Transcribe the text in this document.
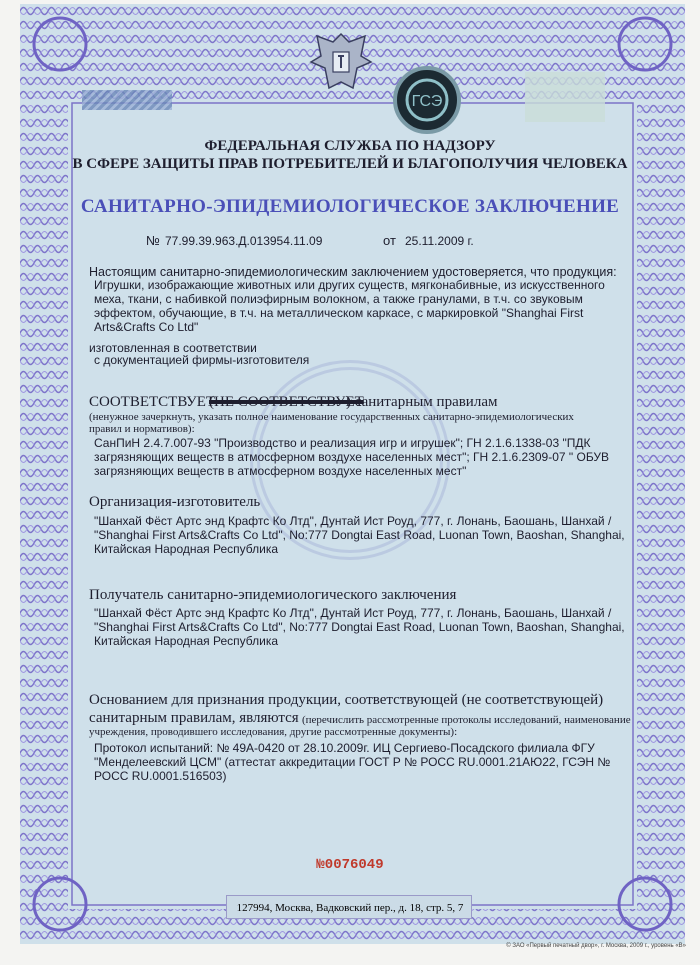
ГСЭ
ФЕДЕРАЛЬНАЯ СЛУЖБА ПО НАДЗОРУ
В СФЕРЕ ЗАЩИТЫ ПРАВ ПОТРЕБИТЕЛЕЙ И БЛАГОПОЛУЧИЯ ЧЕЛОВЕКА
САНИТАРНО-ЭПИДЕМИОЛОГИЧЕСКОЕ ЗАКЛЮЧЕНИЕ
№ 77.99.39.963.Д.013954.11.09	от 25.11.2009 г.
Настоящим санитарно-эпидемиологическим заключением удостоверяется, что продукция:
Игрушки, изображающие животных или других существ, мягконабивные, из искусственного
меха, ткани, с набивкой полиэфирным волокном, а также гранулами, в т.ч. со звуковым
эффектом, обучающие, в т.ч. на металлическом каркасе, с маркировкой "Shanghai First
Arts&Crafts Co Ltd"
изготовленная в соответствии
с документацией фирмы-изготовителя
СООТВЕТСТВУЕТ
(НЕ СООТВЕТСТВУЕТ
) санитарным правилам
(ненужное зачеркнуть, указать полное наименование государственных санитарно-эпидемиологических
правил и нормативов):
СанПиН 2.4.7.007-93 "Производство и реализация игр и игрушек"; ГН 2.1.6.1338-03 "ПДК
загрязняющих веществ в атмосферном воздухе населенных мест"; ГН 2.1.6.2309-07 " ОБУВ
загрязняющих веществ в атмосферном воздухе населенных мест"
Организация-изготовитель
"Шанхай Фёст Артс энд Крафтс Ко Лтд", Дунтай Ист Роуд, 777, г. Лонань, Баошань, Шанхай /
"Shanghai First Arts&Crafts Co Ltd", No:777 Dongtai East Road, Luonan Town, Baoshan, Shanghai,
Китайская Народная Республика
Получатель санитарно-эпидемиологического заключения
"Шанхай Фёст Артс энд Крафтс Ко Лтд", Дунтай Ист Роуд, 777, г. Лонань, Баошань, Шанхай /
"Shanghai First Arts&Crafts Co Ltd", No:777 Dongtai East Road, Luonan Town, Baoshan, Shanghai,
Китайская Народная Республика
Основанием для признания продукции, соответствующей (не соответствующей)
санитарным правилам, являются (перечислить рассмотренные протоколы исследований, наименование
учреждения, проводившего исследования, другие рассмотренные документы):
Протокол испытаний: № 49А-0420 от 28.10.2009г. ИЦ Сергиево-Посадского филиала ФГУ
"Менделеевский ЦСМ" (аттестат аккредитации ГОСТ Р № РОСС RU.0001.21АЮ22, ГСЭН №
РОСС RU.0001.516503)
№0076049
127994, Москва, Вадковский пер., д. 18, стр. 5, 7
© ЗАО «Первый печатный двор», г. Москва, 2009 г., уровень «В»
